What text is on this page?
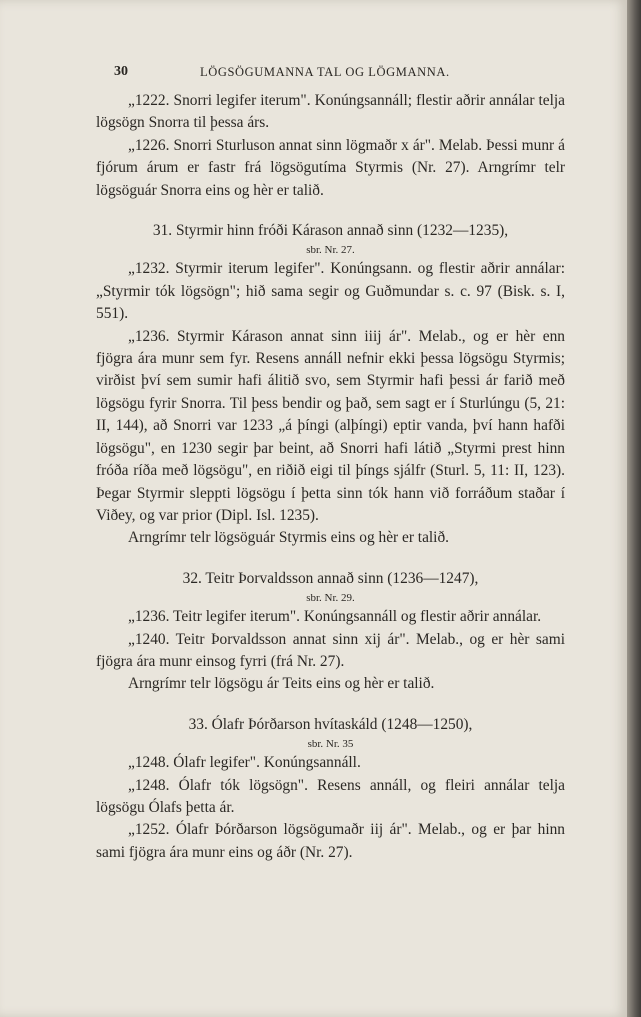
30	LÖGSÖGUMANNA TAL OG LÖGMANNA.

„1222. Snorri legifer iterum". Konúngsannáll; flestir aðrir annálar telja lögsögn Snorra til þessa árs.

„1226. Snorri Sturluson annat sinn lögmaðr x ár". Melab. Þessi munr á fjórum árum er fastr frá lögsögutíma Styrmis (Nr. 27). Arngrímr telr lögsöguár Snorra eins og hèr er talið.

31. Styrmir hinn fróði Kárason annað sinn (1232—1235),

sbr. Nr. 27.

„1232. Styrmir iterum legifer". Konúngsann. og flestir aðrir annálar: „Styrmir tók lögsögn"; hið sama segir og Guðmundar s. c. 97 (Bisk. s. I, 551).

„1236. Styrmir Kárason annat sinn iiij ár". Melab., og er hèr enn fjögra ára munr sem fyr. Resens annáll nefnir ekki þessa lögsögu Styrmis; virðist því sem sumir hafi álitið svo, sem Styrmir hafi þessi ár farið með lögsögu fyrir Snorra. Til þess bendir og það, sem sagt er í Sturlúngu (5, 21: II, 144), að Snorri var 1233 „á þíngi (alþíngi) eptir vanda, því hann hafði lögsögu", en 1230 segir þar beint, að Snorri hafi látið „Styrmi prest hinn fróða ríða með lögsögu", en riðið eigi til þíngs sjálfr (Sturl. 5, 11: II, 123). Þegar Styrmir sleppti lögsögu í þetta sinn tók hann við forráðum staðar í Viðey, og var prior (Dipl. Isl. 1235).

Arngrímr telr lögsöguár Styrmis eins og hèr er talið.

32. Teitr Þorvaldsson annað sinn (1236—1247),

sbr. Nr. 29.

„1236. Teitr legifer iterum". Konúngsannáll og flestir aðrir annálar.

„1240. Teitr Þorvaldsson annat sinn xij ár". Melab., og er hèr sami fjögra ára munr einsog fyrri (frá Nr. 27).

Arngrímr telr lögsögu ár Teits eins og hèr er talið.

33. Ólafr Þórðarson hvítaskáld (1248—1250),

sbr. Nr. 35

„1248. Ólafr legifer". Konúngsannáll.

„1248. Ólafr tók lögsögn". Resens annáll, og fleiri annálar telja lögsögu Ólafs þetta ár.

„1252. Ólafr Þórðarson lögsögumaðr iij ár". Melab., og er þar hinn sami fjögra ára munr eins og áðr (Nr. 27).
